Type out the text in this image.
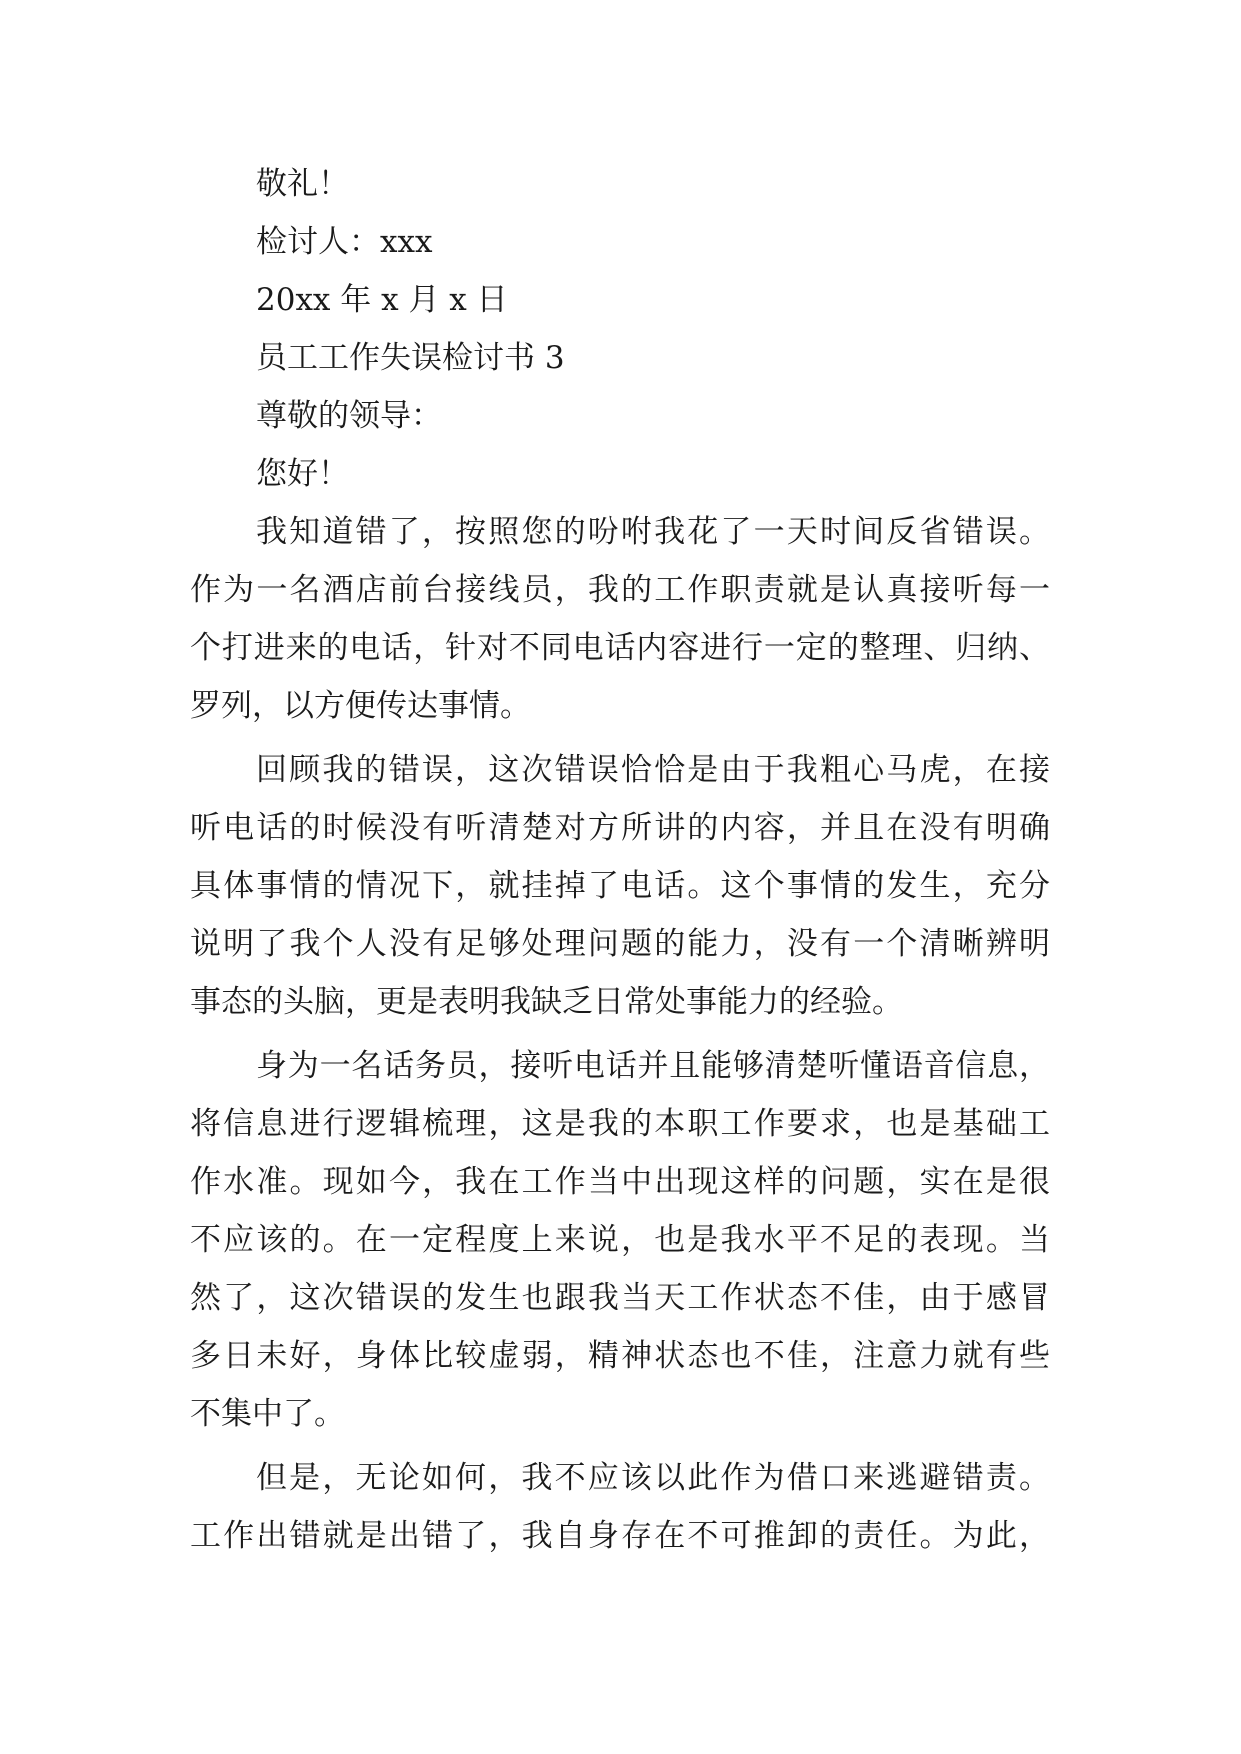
敬礼！

检讨人：xxx

20xx 年 x 月 x 日

员工工作失误检讨书 3

尊敬的领导：

您好！

我知道错了，按照您的吩咐我花了一天时间反省错误。
作为一名酒店前台接线员，我的工作职责就是认真接听每一
个打进来的电话，针对不同电话内容进行一定的整理、归纳、
罗列，以方便传达事情。
回顾我的错误，这次错误恰恰是由于我粗心马虎，在接
听电话的时候没有听清楚对方所讲的内容，并且在没有明确
具体事情的情况下，就挂掉了电话。这个事情的发生，充分
说明了我个人没有足够处理问题的能力，没有一个清晰辨明
事态的头脑，更是表明我缺乏日常处事能力的经验。
身为一名话务员，接听电话并且能够清楚听懂语音信息，
将信息进行逻辑梳理，这是我的本职工作要求，也是基础工
作水准。现如今，我在工作当中出现这样的问题，实在是很
不应该的。在一定程度上来说，也是我水平不足的表现。当
然了，这次错误的发生也跟我当天工作状态不佳，由于感冒
多日未好，身体比较虚弱，精神状态也不佳，注意力就有些
不集中了。
但是，无论如何，我不应该以此作为借口来逃避错责。
工作出错就是出错了，我自身存在不可推卸的责任。为此，
